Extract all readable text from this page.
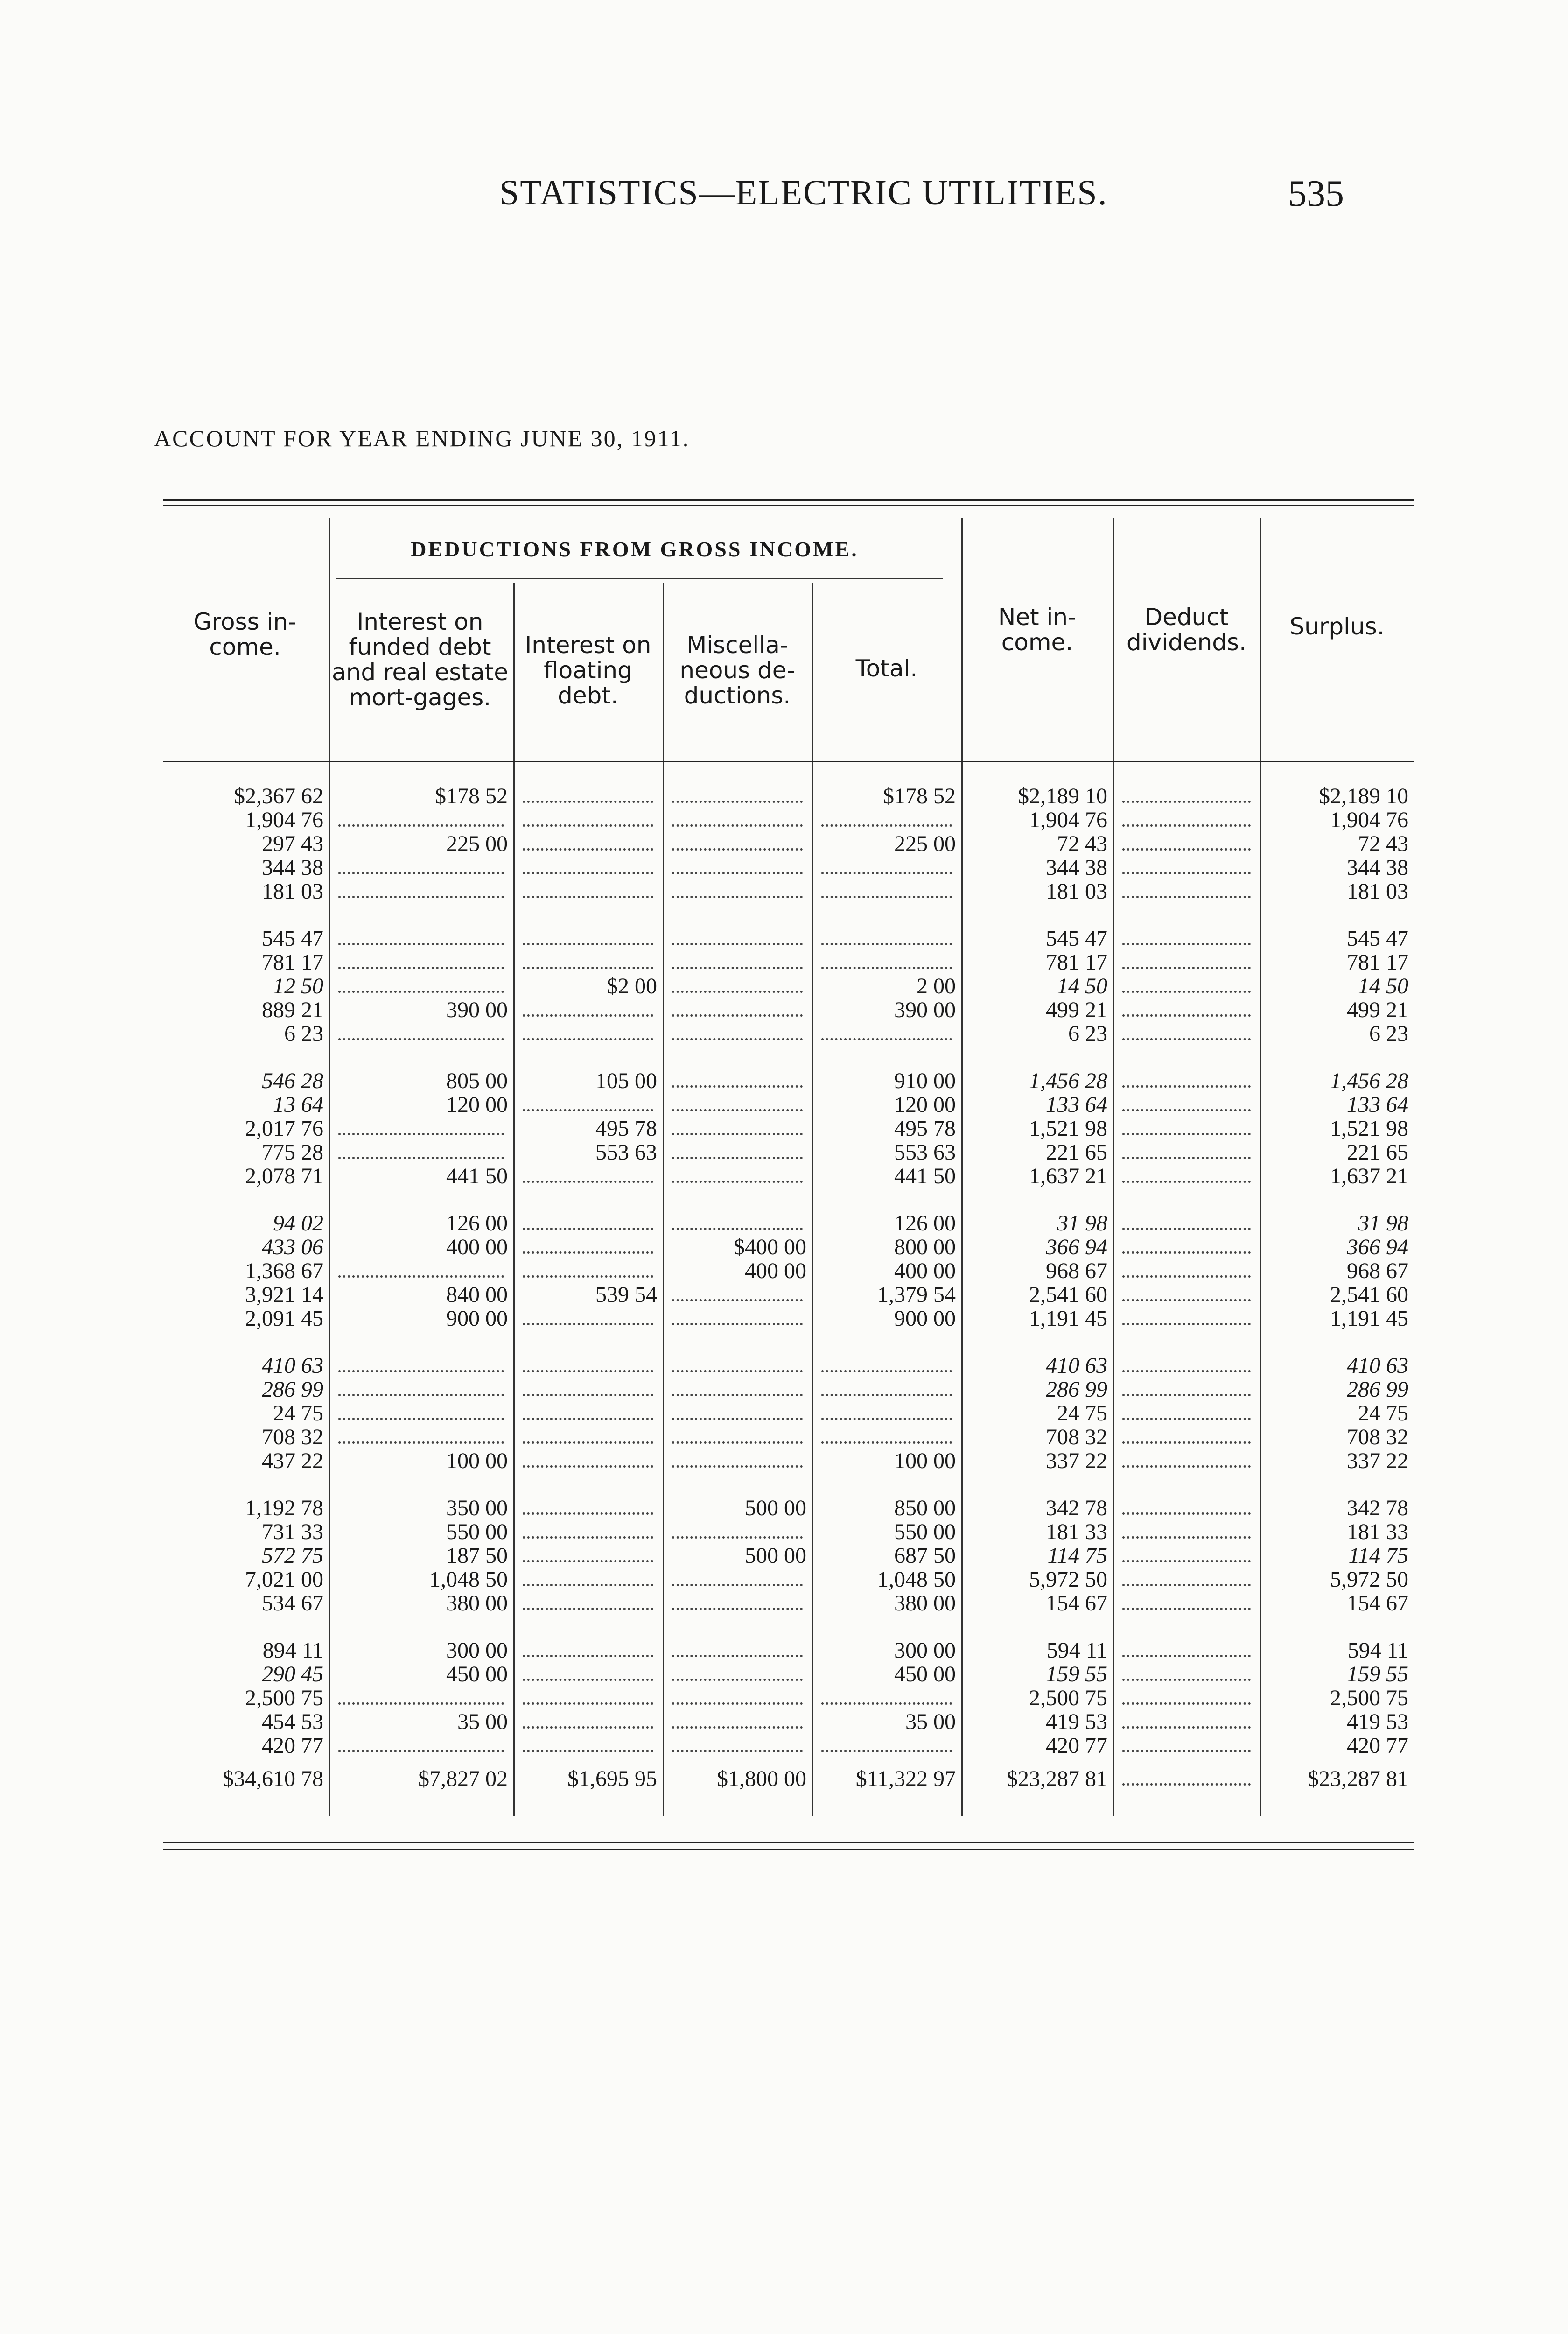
STATISTICS—ELECTRIC UTILITIES.	535
ACCOUNT FOR YEAR ENDING JUNE 30, 1911.
DEDUCTIONS FROM GROSS INCOME.
Gross in-come.
Interest on funded debt and real estate mort-gages.
Interest on floating debt.
Miscella-neous de-ductions.
Total.
Net in-come.
Deduct dividends.
Surplus.
$2,367 62	$178 52			$178 52	$2,189 10		$2,189 10
1,904 76					1,904 76		1,904 76
297 43	225 00			225 00	72 43		72 43
344 38					344 38		344 38
181 03					181 03		181 03

545 47					545 47		545 47
781 17					781 17		781 17
12 50		$2 00		2 00	14 50		14 50
889 21	390 00			390 00	499 21		499 21
6 23					6 23		6 23

546 28	805 00	105 00		910 00	1,456 28		1,456 28
13 64	120 00			120 00	133 64		133 64
2,017 76		495 78		495 78	1,521 98		1,521 98
775 28		553 63		553 63	221 65		221 65
2,078 71	441 50			441 50	1,637 21		1,637 21

94 02	126 00			126 00	31 98		31 98
433 06	400 00		$400 00	800 00	366 94		366 94
1,368 67			400 00	400 00	968 67		968 67
3,921 14	840 00	539 54		1,379 54	2,541 60		2,541 60
2,091 45	900 00			900 00	1,191 45		1,191 45

410 63					410 63		410 63
286 99					286 99		286 99
24 75					24 75		24 75
708 32					708 32		708 32
437 22	100 00			100 00	337 22		337 22

1,192 78	350 00		500 00	850 00	342 78		342 78
731 33	550 00			550 00	181 33		181 33
572 75	187 50		500 00	687 50	114 75		114 75
7,021 00	1,048 50			1,048 50	5,972 50		5,972 50
534 67	380 00			380 00	154 67		154 67

894 11	300 00			300 00	594 11		594 11
290 45	450 00			450 00	159 55		159 55
2,500 75					2,500 75		2,500 75
454 53	35 00			35 00	419 53		419 53
420 77					420 77		420 77
$34,610 78	$7,827 02	$1,695 95	$1,800 00	$11,322 97	$23,287 81		$23,287 81
